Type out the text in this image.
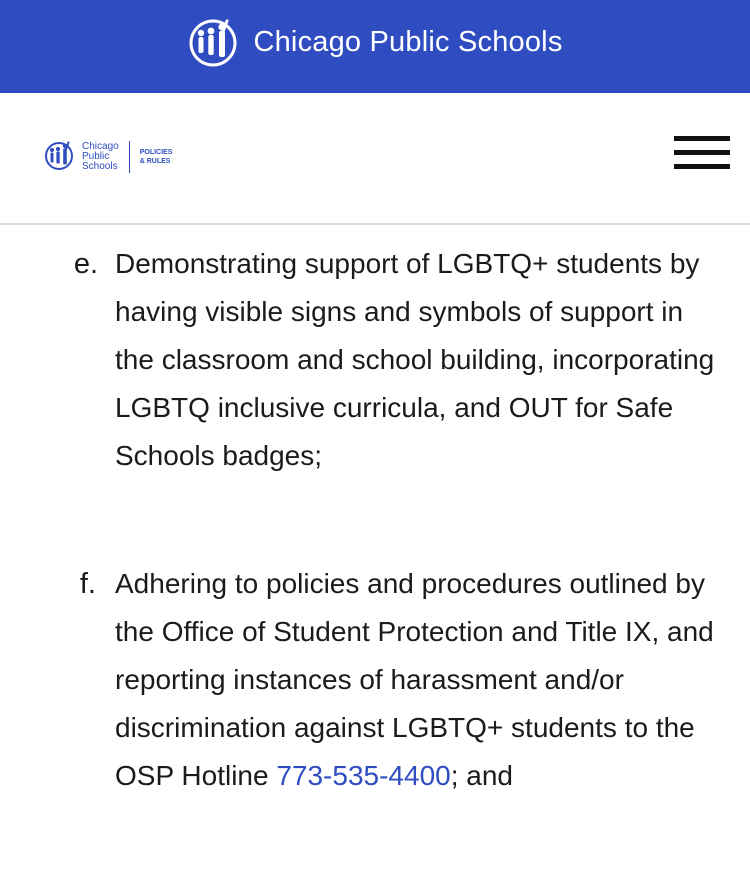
Chicago Public Schools
Chicago
Public
Schools
POLICIES
& RULES
e. Demonstrating support of LGBTQ+ students by having visible signs and symbols of support in the classroom and school building, incorporating LGBTQ inclusive curricula, and OUT for Safe Schools badges;

f. Adhering to policies and procedures outlined by the Office of Student Protection and Title IX, and reporting instances of harassment and/or discrimination against LGBTQ+ students to the OSP Hotline 773-535-4400; and
